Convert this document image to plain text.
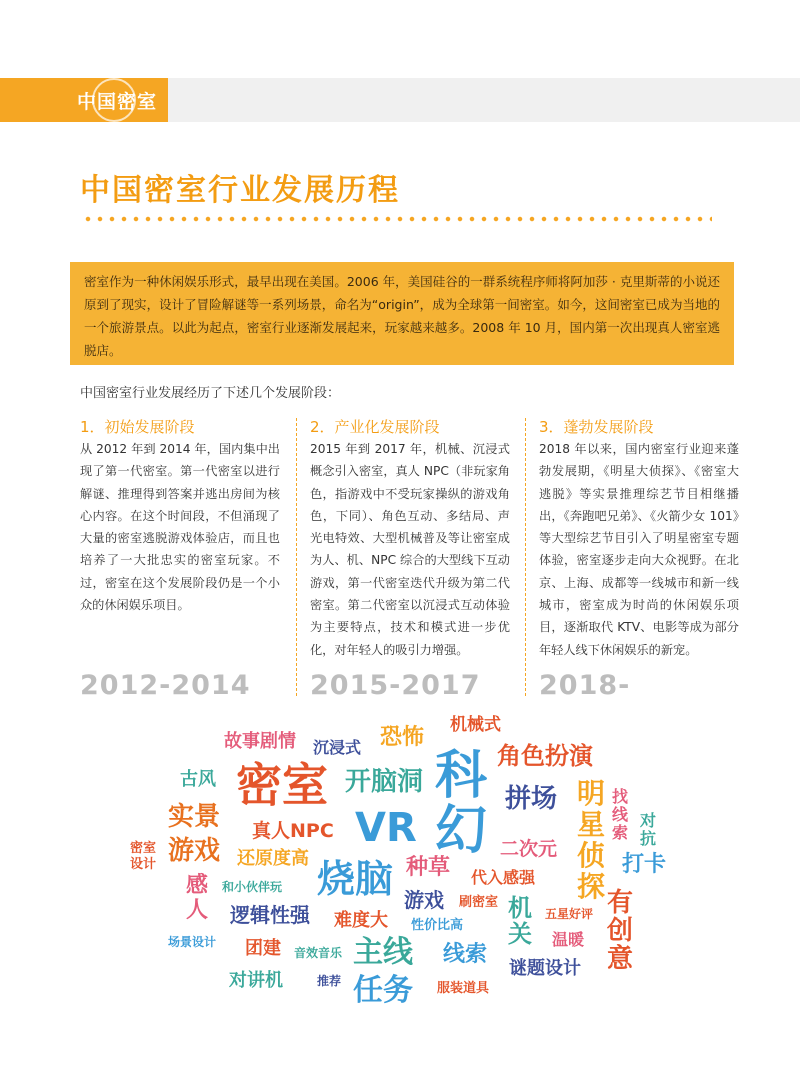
中国密室
中国密室行业发展历程

密室作为一种休闲娱乐形式，最早出现在美国。2006 年，美国硅谷的一群系统程序师将阿加莎 · 克里斯蒂的小说还原到了现实，设计了冒险解谜等一系列场景，命名为“origin”，成为全球第一间密室。如今，这间密室已成为当地的一个旅游景点。以此为起点，密室行业逐渐发展起来，玩家越来越多。2008 年 10 月，国内第一次出现真人密室逃脱店。

中国密室行业发展经历了下述几个发展阶段：

1．初始发展阶段
从 2012 年到 2014 年，国内集中出现了第一代密室。第一代密室以进行解谜、推理得到答案并逃出房间为核心内容。在这个时间段，不但涌现了大量的密室逃脱游戏体验店，而且也培养了一大批忠实的密室玩家。不过，密室在这个发展阶段仍是一个小众的休闲娱乐项目。
2．产业化发展阶段
2015 年到 2017 年，机械、沉浸式概念引入密室，真人 NPC（非玩家角色，指游戏中不受玩家操纵的游戏角色，下同）、角色互动、多结局、声光电特效、大型机械普及等让密室成为人、机、NPC 综合的大型线下互动游戏，第一代密室迭代升级为第二代密室。第二代密室以沉浸式互动体验为主要特点，技术和模式进一步优化，对年轻人的吸引力增强。
3．蓬勃发展阶段
2018 年以来，国内密室行业迎来蓬勃发展期，《明星大侦探》、《密室大逃脱》等实景推理综艺节目相继播出，《奔跑吧兄弟》、《火箭少女 101》等大型综艺节目引入了明星密室专题体验，密室逐步走向大众视野。在北京、上海、成都等一线城市和新一线城市，密室成为时尚的休闲娱乐项目，逐渐取代 KTV、电影等成为部分年轻人线下休闲娱乐的新宠。
2012-2014 2015-2017 2018-
故事剧情 沉浸式 恐怖 机械式
科
幻
角色扮演
古风 密室 开脑洞
拼场 明
星
侦
探
实景
游戏
找
线
索
对
抗
真人NPC VR
密室
设计	还原度高	二次元
打卡
感
人
烧脑 种草 代入感强
和小伙伴玩
逻辑性强
游戏 刷密室 机
关
有
创
意
五星好评
难度大 性价比高
温暖
场景设计 团建 主线 线索
音效音乐
谜题设计
对讲机	推荐 任务 服装道具
